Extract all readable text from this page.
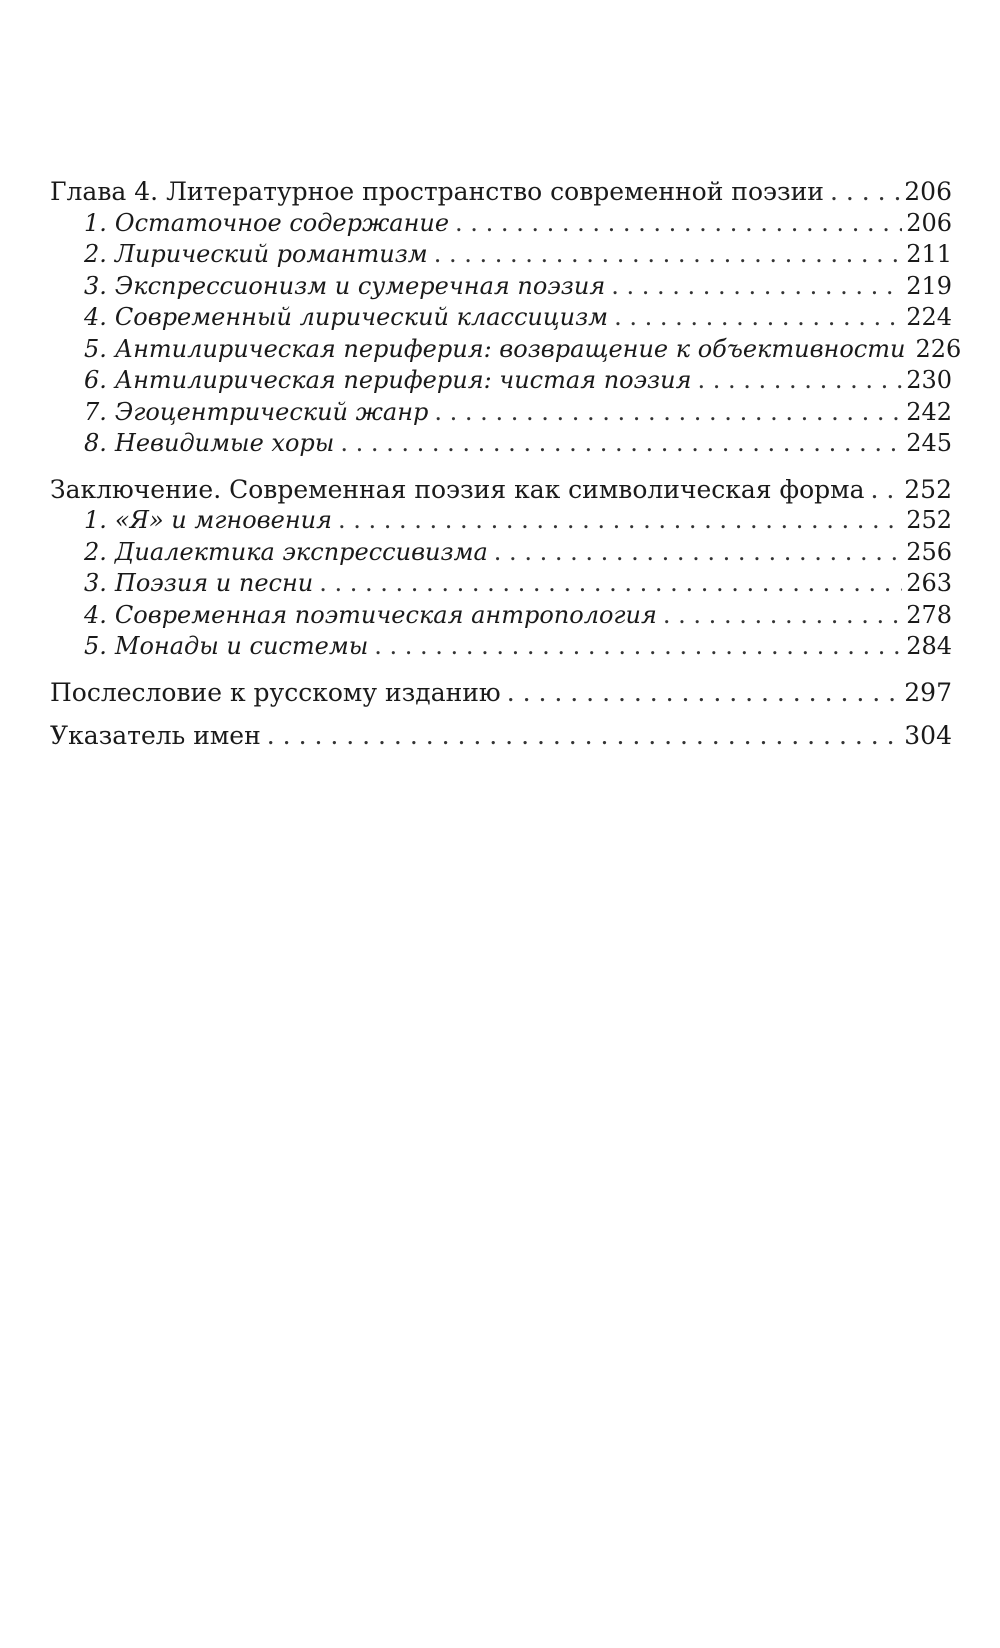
Глава 4. Литературное пространство современной поэзии . . .	206
1. Остаточное содержание . . .	206
2. Лирический романтизм . . .	211
3. Экспрессионизм и сумеречная поэзия . . .	219
4. Современный лирический классицизм . . .	224
5. Антилирическая периферия: возвращение к объективности 226
6. Антилирическая периферия: чистая поэзия . . .	230
7. Эгоцентрический жанр . . .	242
8. Невидимые хоры . . .	245
Заключение. Современная поэзия как символическая форма . . . 252
1. «Я» и мгновения . . .	252
2. Диалектика экспрессивизма . . .	256
3. Поэзия и песни . . .	263
4. Современная поэтическая антропология . . .	278
5. Монады и системы . . .	284
Послесловие к русскому изданию . . .	297
Указатель имен . . .	304
